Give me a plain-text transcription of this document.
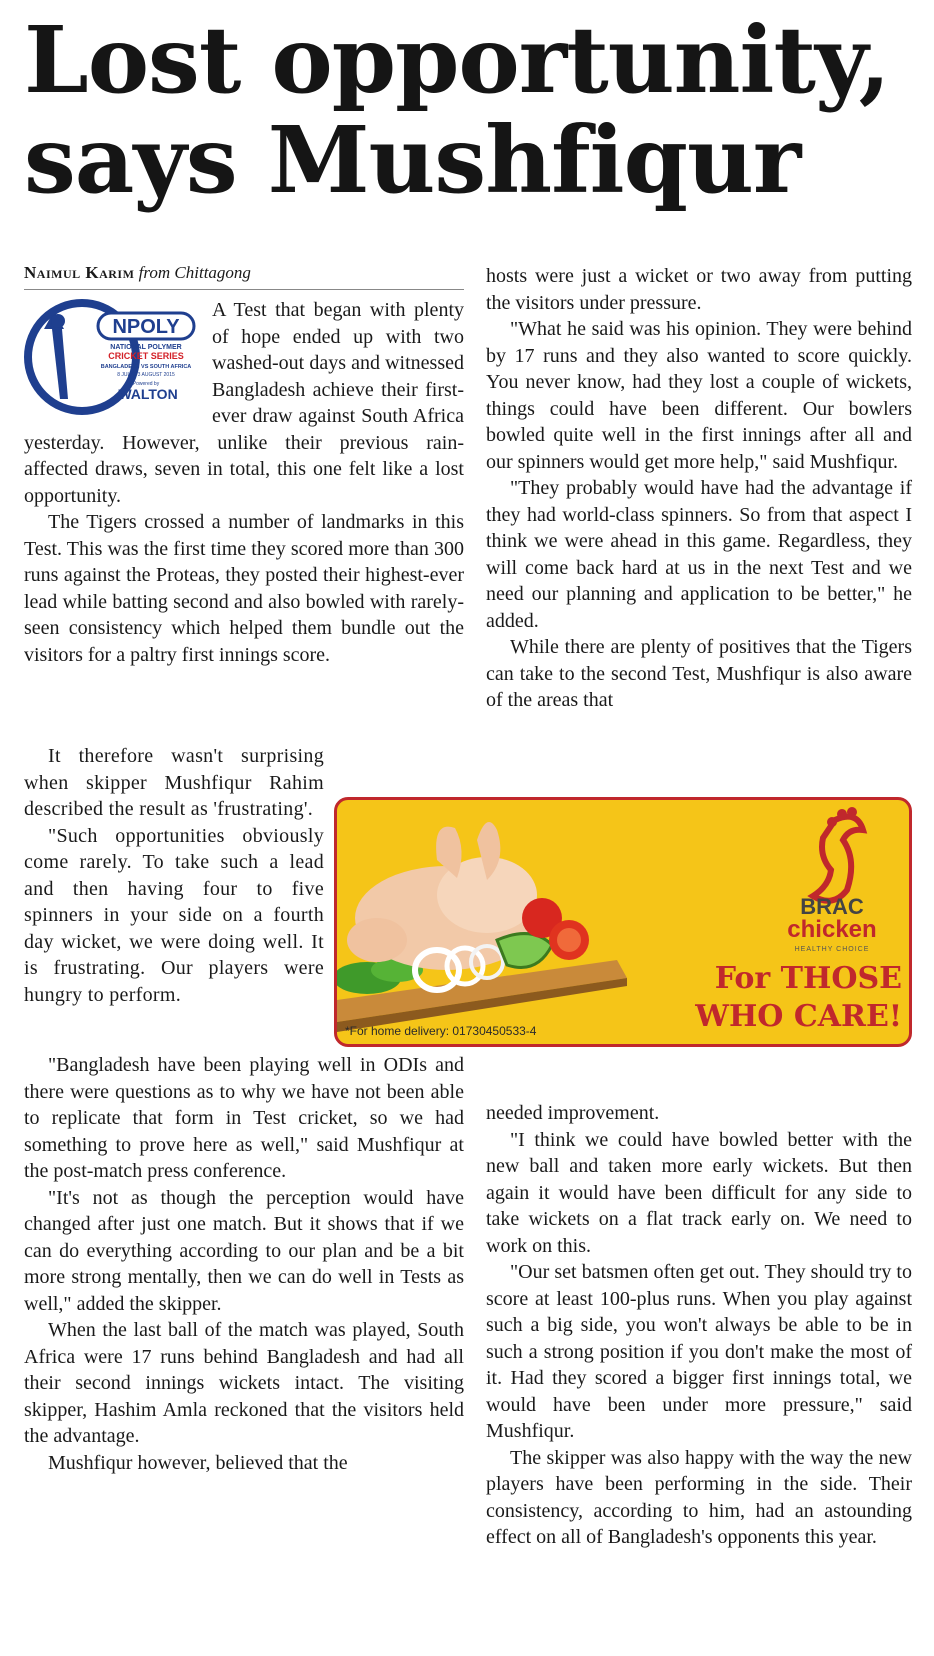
Lost opportunity,
says Mushfiqur
Naimul Karim from Chittagong
NPOLY
NATIONAL POLYMER
CRICKET SERIES
BANGLADESH VS SOUTH AFRICA
8 JULY - 3 AUGUST 2015
Powered by
WALTON

A Test that began with plenty of hope ended up with two washed-out days and witnessed Bangladesh achieve their first-ever draw against South Africa yesterday. However, unlike their previous rain-affected draws, seven in total, this one felt like a lost opportunity.

The Tigers crossed a number of landmarks in this Test. This was the first time they scored more than 300 runs against the Proteas, they posted their highest-ever lead while batting second and also bowled with rarely-seen consistency which helped them bundle out the visitors for a paltry first innings score.

It therefore wasn't surprising when skipper Mushfiqur Rahim described the result as 'frustrating'.

"Such opportunities obviously come rarely. To take such a lead and then having four to five spinners in your side on a fourth day wicket, we were doing well. It is frustrating. Our players were hungry to perform.

"Bangladesh have been playing well in ODIs and there were questions as to why we have not been able to replicate that form in Test cricket, so we had something to prove here as well," said Mushfiqur at the post-match press conference.

"It's not as though the perception would have changed after just one match. But it shows that if we can do everything according to our plan and be a bit more strong mentally, then we can do well in Tests as well," added the skipper.

When the last ball of the match was played, South Africa were 17 runs behind Bangladesh and had all their second innings wickets intact. The visiting skipper, Hashim Amla reckoned that the visitors held the advantage.

Mushfiqur however, believed that the

hosts were just a wicket or two away from putting the visitors under pressure.

"What he said was his opinion. They were behind by 17 runs and they also wanted to score quickly. You never know, had they lost a couple of wickets, things could have been different. Our bowlers bowled quite well in the first innings after all and our spinners would get more help," said Mushfiqur.

"They probably would have had the advantage if they had world-class spinners. So from that aspect I think we were ahead in this game. Regardless, they will come back hard at us in the next Test and we need our planning and application to be better," he added.

While there are plenty of positives that the Tigers can take to the second Test, Mushfiqur is also aware of the areas that

needed improvement.

"I think we could have bowled better with the new ball and taken more early wickets. But then again it would have been difficult for any side to take wickets on a flat track early on. We need to work on this.

"Our set batsmen often get out. They should try to score at least 100-plus runs. When you play against such a big side, you won't always be able to be in such a strong position if you don't make the most of it. Had they scored a bigger first innings total, we would have been under more pressure," said Mushfiqur.

The skipper was also happy with the way the new players have been performing in the side. Their consistency, according to him, had an astounding effect on all of Bangladesh's opponents this year.

BRAC
chicken
HEALTHY CHOICE
For THOSE
WHO CARE!
*For home delivery: 01730450533-4
